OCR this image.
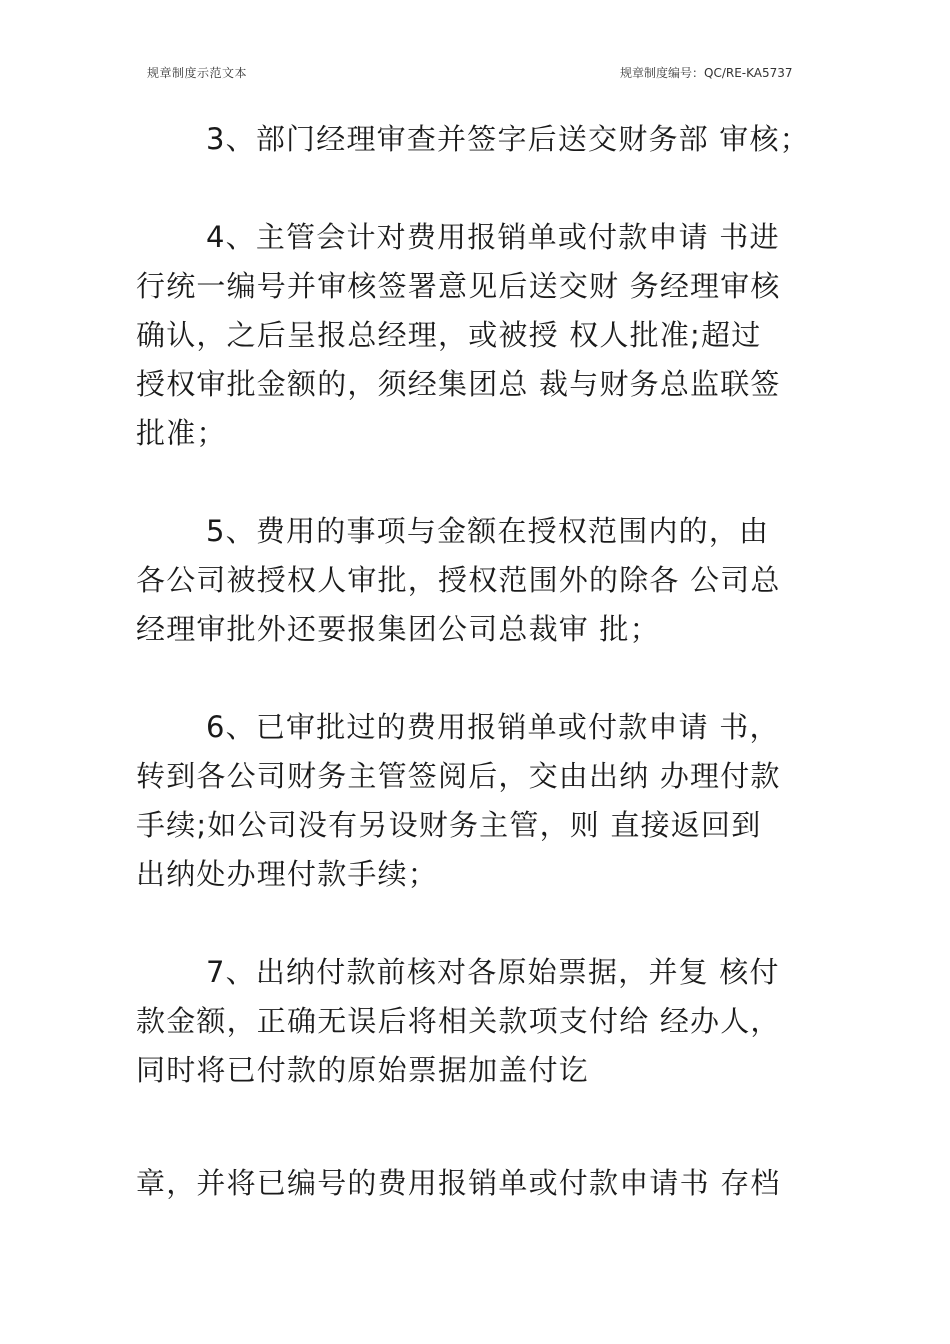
规章制度示范文本	规章制度编号：QC/RE-KA5737

3、部门经理审查并签字后送交财务部 审核；

4、主管会计对费用报销单或付款申请 书进
行统一编号并审核签署意见后送交财 务经理审核
确认，之后呈报总经理，或被授 权人批准;超过
授权审批金额的，须经集团总 裁与财务总监联签
批准；

5、费用的事项与金额在授权范围内的，由
各公司被授权人审批，授权范围外的除各 公司总
经理审批外还要报集团公司总裁审 批；

6、已审批过的费用报销单或付款申请 书，
转到各公司财务主管签阅后，交由出纳 办理付款
手续;如公司没有另设财务主管，则 直接返回到
出纳处办理付款手续；

7、出纳付款前核对各原始票据，并复 核付
款金额，正确无误后将相关款项支付给 经办人，
同时将已付款的原始票据加盖付讫

章，并将已编号的费用报销单或付款申请书 存档
